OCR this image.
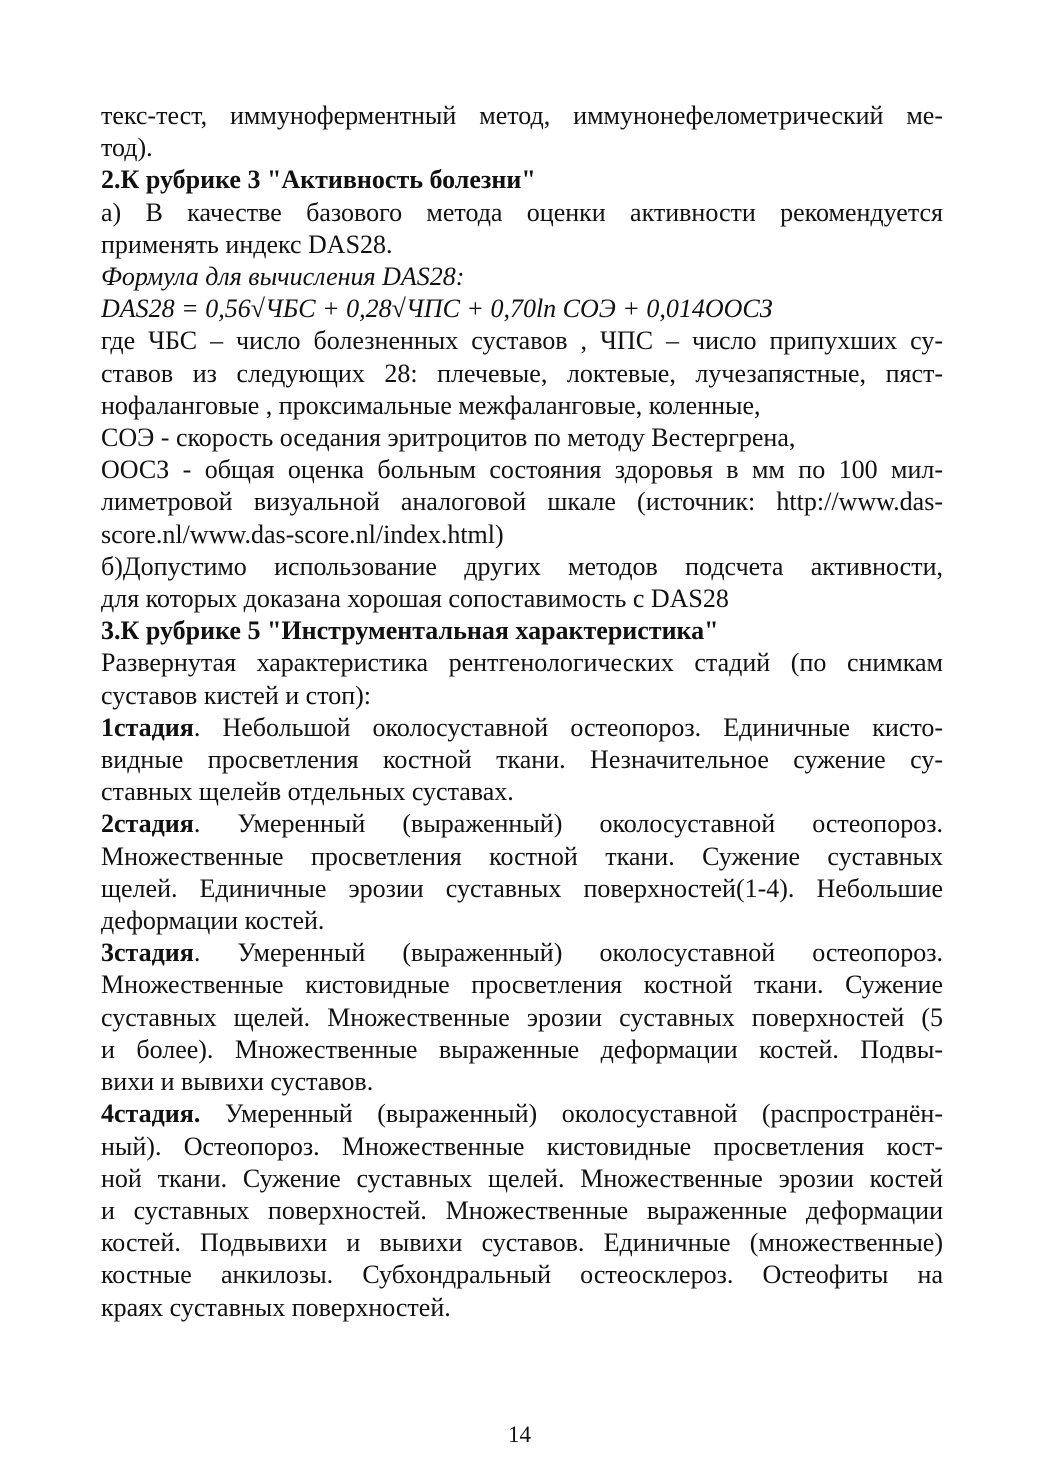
текс-тест, иммуноферментный метод, иммунонефелометрический ме-
тод).
2.К рубрике 3 "Активность болезни"
а) В качестве базового метода оценки активности рекомендуется
применять индекс DAS28.
Формула для вычисления DAS28:
DAS28 = 0,56√ЧБС + 0,28√ЧПС + 0,70ln СОЭ + 0,014ООСЗ
где ЧБС – число болезненных суставов , ЧПС – число припухших су-
ставов из следующих 28: плечевые, локтевые, лучезапястные, пяст-
нофаланговые , проксимальные межфаланговые, коленные,
СОЭ - скорость оседания эритроцитов по методу Вестергрена,
ООСЗ - общая оценка больным состояния здоровья в мм по 100 мил-
лиметровой визуальной аналоговой шкале (источник: http://www.das-
score.nl/www.das-score.nl/index.html)
б)Допустимо использование других методов подсчета активности,
для которых доказана хорошая сопоставимость с DAS28
3.К рубрике 5 "Инструментальная характеристика"
Развернутая характеристика рентгенологических стадий (по снимкам
суставов кистей и стоп):
1стадия. Небольшой околосуставной остеопороз. Единичные кисто-
видные просветления костной ткани. Незначительное сужение су-
ставных щелейв отдельных суставах.
2стадия. Умеренный (выраженный) околосуставной остеопороз.
Множественные просветления костной ткани. Сужение суставных
щелей. Единичные эрозии суставных поверхностей(1-4). Небольшие
деформации костей.
3стадия. Умеренный (выраженный) околосуставной остеопороз.
Множественные кистовидные просветления костной ткани. Сужение
суставных щелей. Множественные эрозии суставных поверхностей (5
и более). Множественные выраженные деформации костей. Подвы-
вихи и вывихи суставов.
4стадия. Умеренный (выраженный) околосуставной (распространён-
ный). Остеопороз. Множественные кистовидные просветления кост-
ной ткани. Сужение суставных щелей. Множественные эрозии костей
и суставных поверхностей. Множественные выраженные деформации
костей. Подвывихи и вывихи суставов. Единичные (множественные)
костные анкилозы. Субхондральный остеосклероз. Остеофиты на
краях суставных поверхностей.
14
